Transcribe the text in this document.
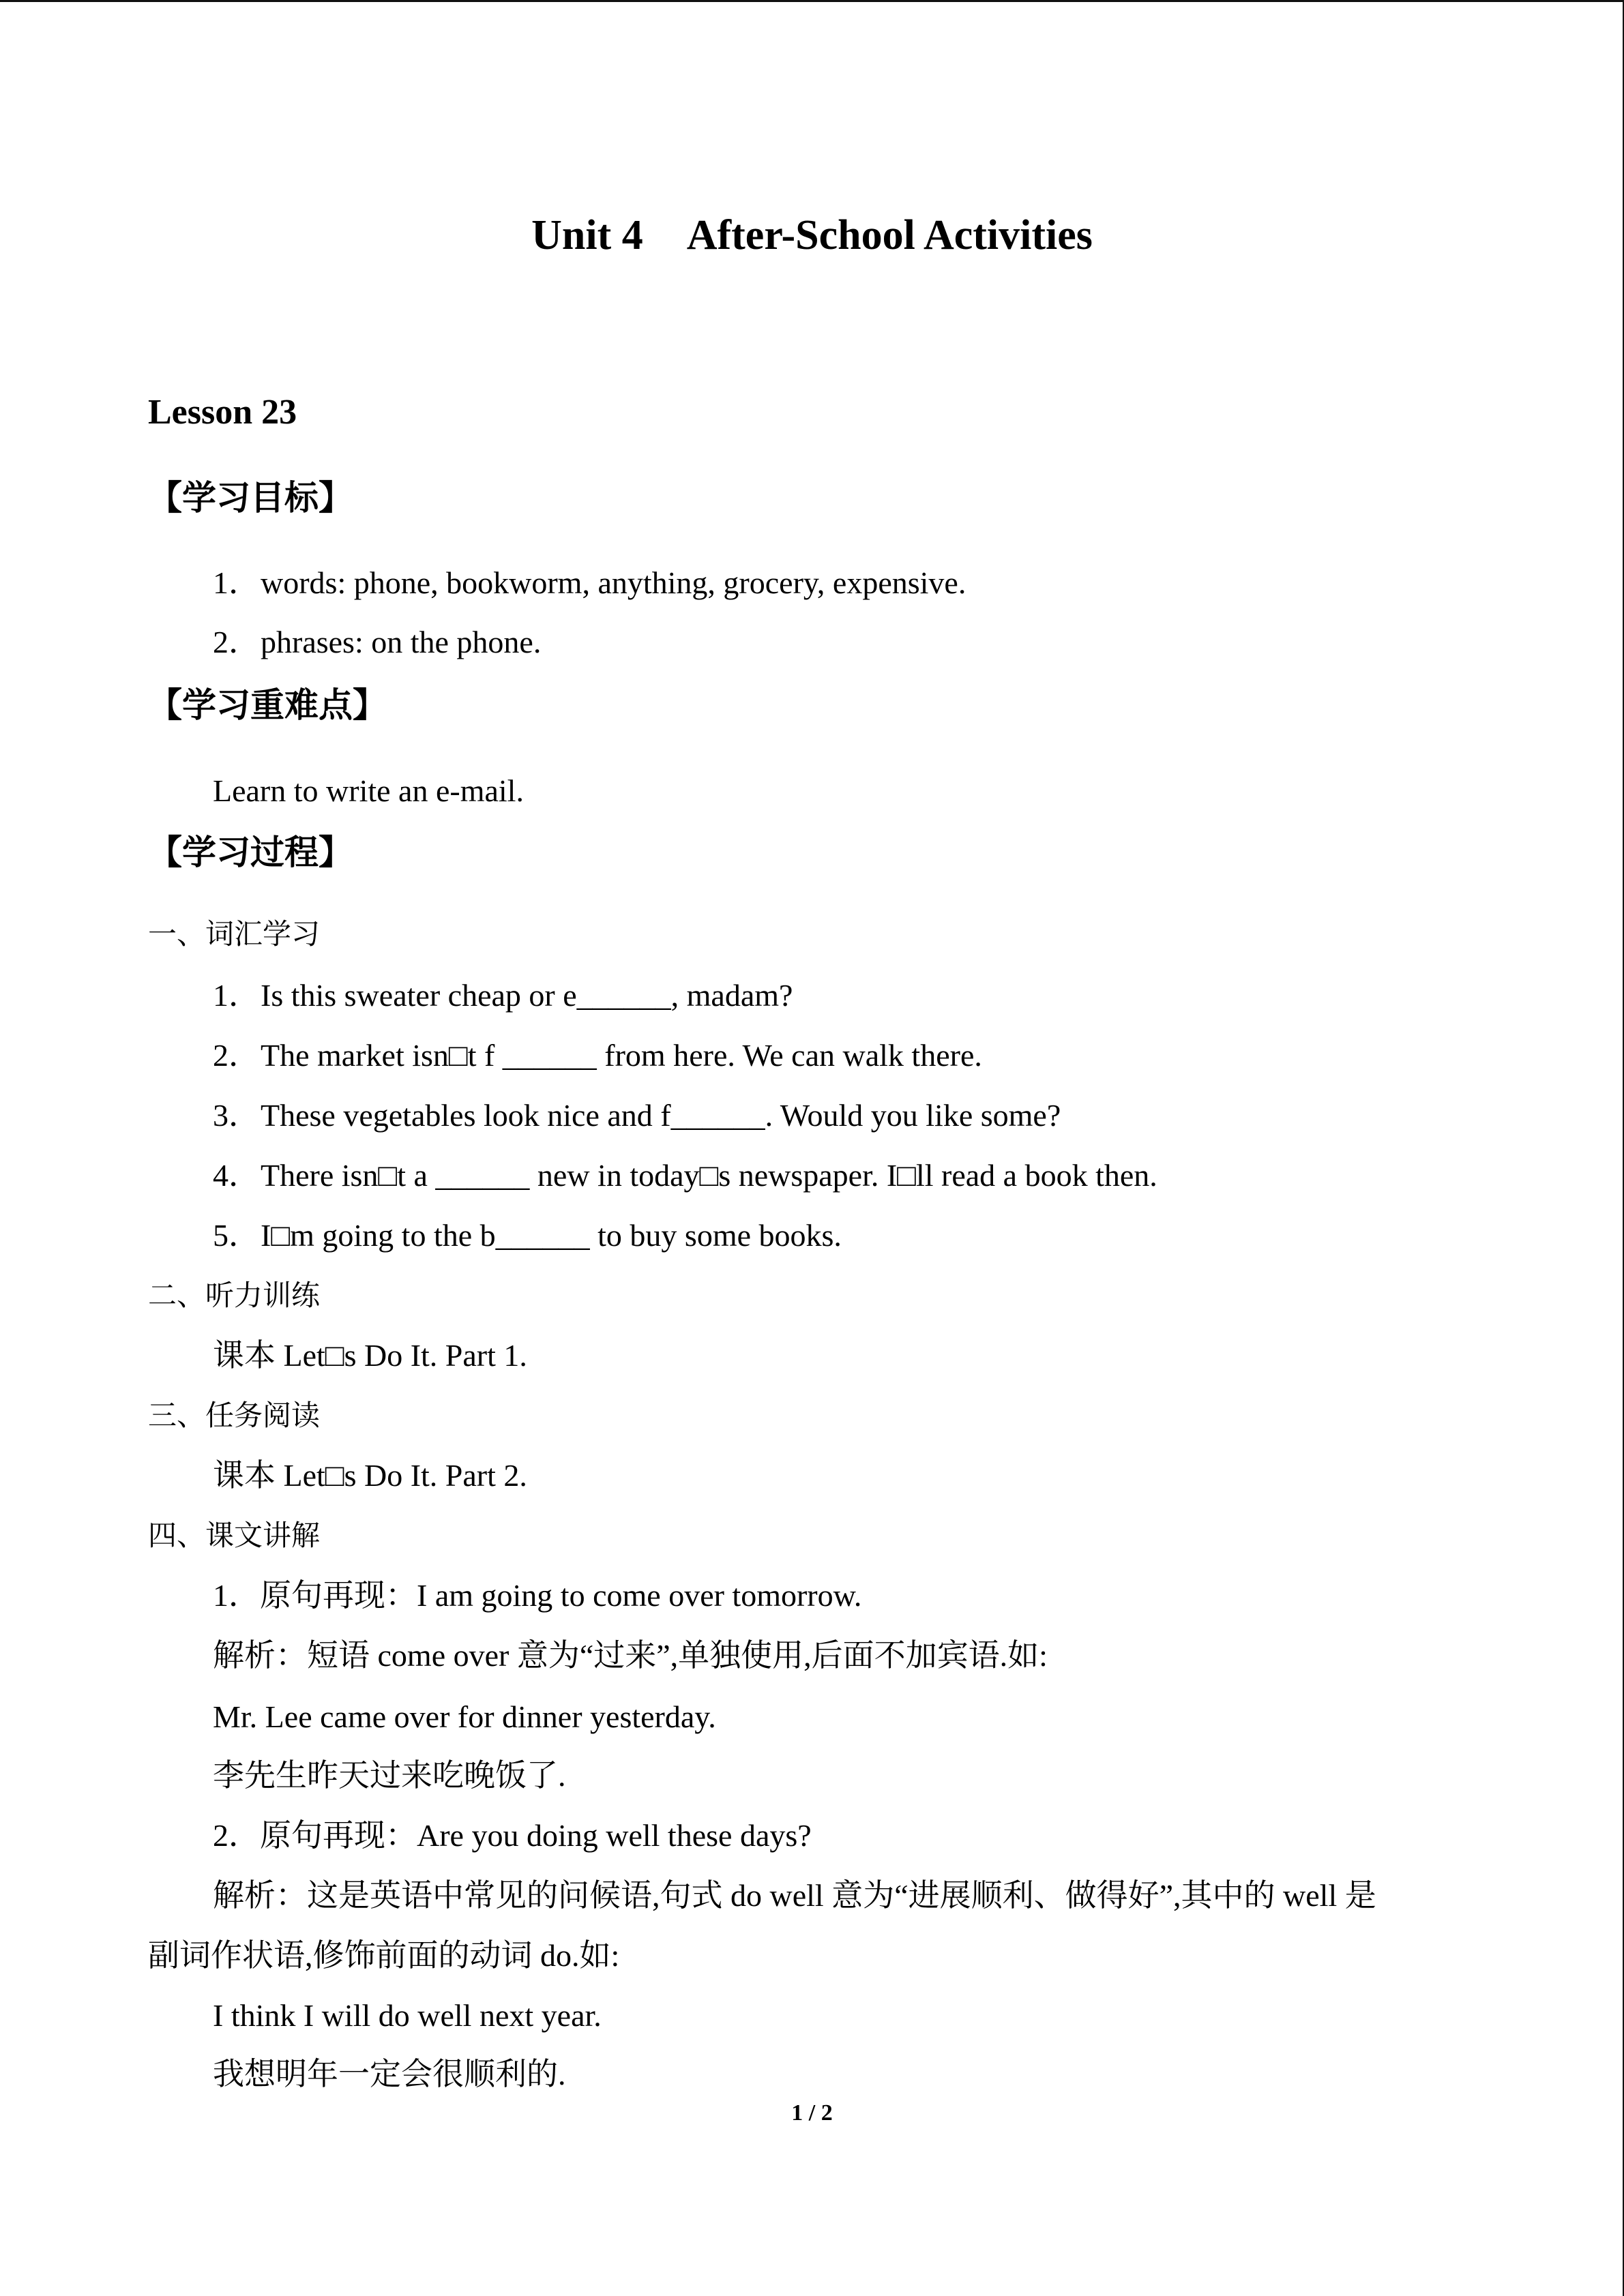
Unit 4 After-School Activities
Lesson 23
【学习目标】
1．words: phone, bookworm, anything, grocery, expensive.
2．phrases: on the phone.
【学习重难点】
Learn to write an e-mail.
【学习过程】
一、词汇学习
1．Is this sweater cheap or e______, madam?
2．The market isn□t f ______ from here. We can walk there.
3．These vegetables look nice and f______. Would you like some?
4．There isn□t a ______ new in today□s newspaper. I□ll read a book then.
5．I□m going to the b______ to buy some books.
二、听力训练
课本 Let□s Do It. Part 1.
三、任务阅读
课本 Let□s Do It. Part 2.
四、课文讲解
1．原句再现：I am going to come over tomorrow.
解析：短语 come over 意为“过来”,单独使用,后面不加宾语.如:
Mr. Lee came over for dinner yesterday.
李先生昨天过来吃晚饭了.
2．原句再现：Are you doing well these days?
解析：这是英语中常见的问候语,句式 do well 意为“进展顺利、做得好”,其中的 well 是
副词作状语,修饰前面的动词 do.如:
I think I will do well next year.
我想明年一定会很顺利的.
1 / 2
